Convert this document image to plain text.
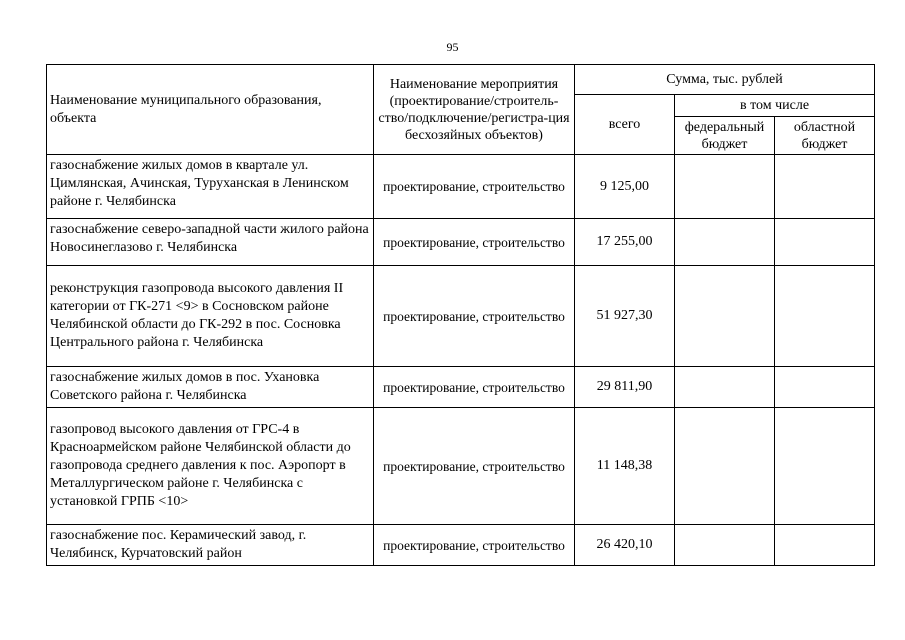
95
Наименование муниципального образования, объекта	Наименование мероприятия (проектирование/строитель-ство/подключение/регистра-ция бесхозяйных объектов)	Сумма, тыс. рублей		
		всего	в том числе	
			федеральный бюджет	областной бюджет
газоснабжение жилых домов в квартале ул. Цимлянская, Ачинская, Туруханская в Ленинском районе г. Челябинска	проектирование, строительство	9 125,00		
газоснабжение северо-западной части жилого района Новосинеглазово г. Челябинска	проектирование, строительство	17 255,00		
реконструкция газопровода высокого давления II категории от ГК-271 <9> в Сосновском районе Челябинской области до ГК-292 в пос. Сосновка Центрального района г. Челябинска	проектирование, строительство	51 927,30		
газоснабжение жилых домов в пос. Ухановка Советского района г. Челябинска	проектирование, строительство	29 811,90		
газопровод высокого давления от ГРС-4 в Красноармейском районе Челябинской области до газопровода среднего давления к пос. Аэропорт в Металлургическом районе г. Челябинска с установкой ГРПБ <10>	проектирование, строительство	11 148,38		
газоснабжение пос. Керамический завод, г. Челябинск, Курчатовский район	проектирование, строительство	26 420,10		
